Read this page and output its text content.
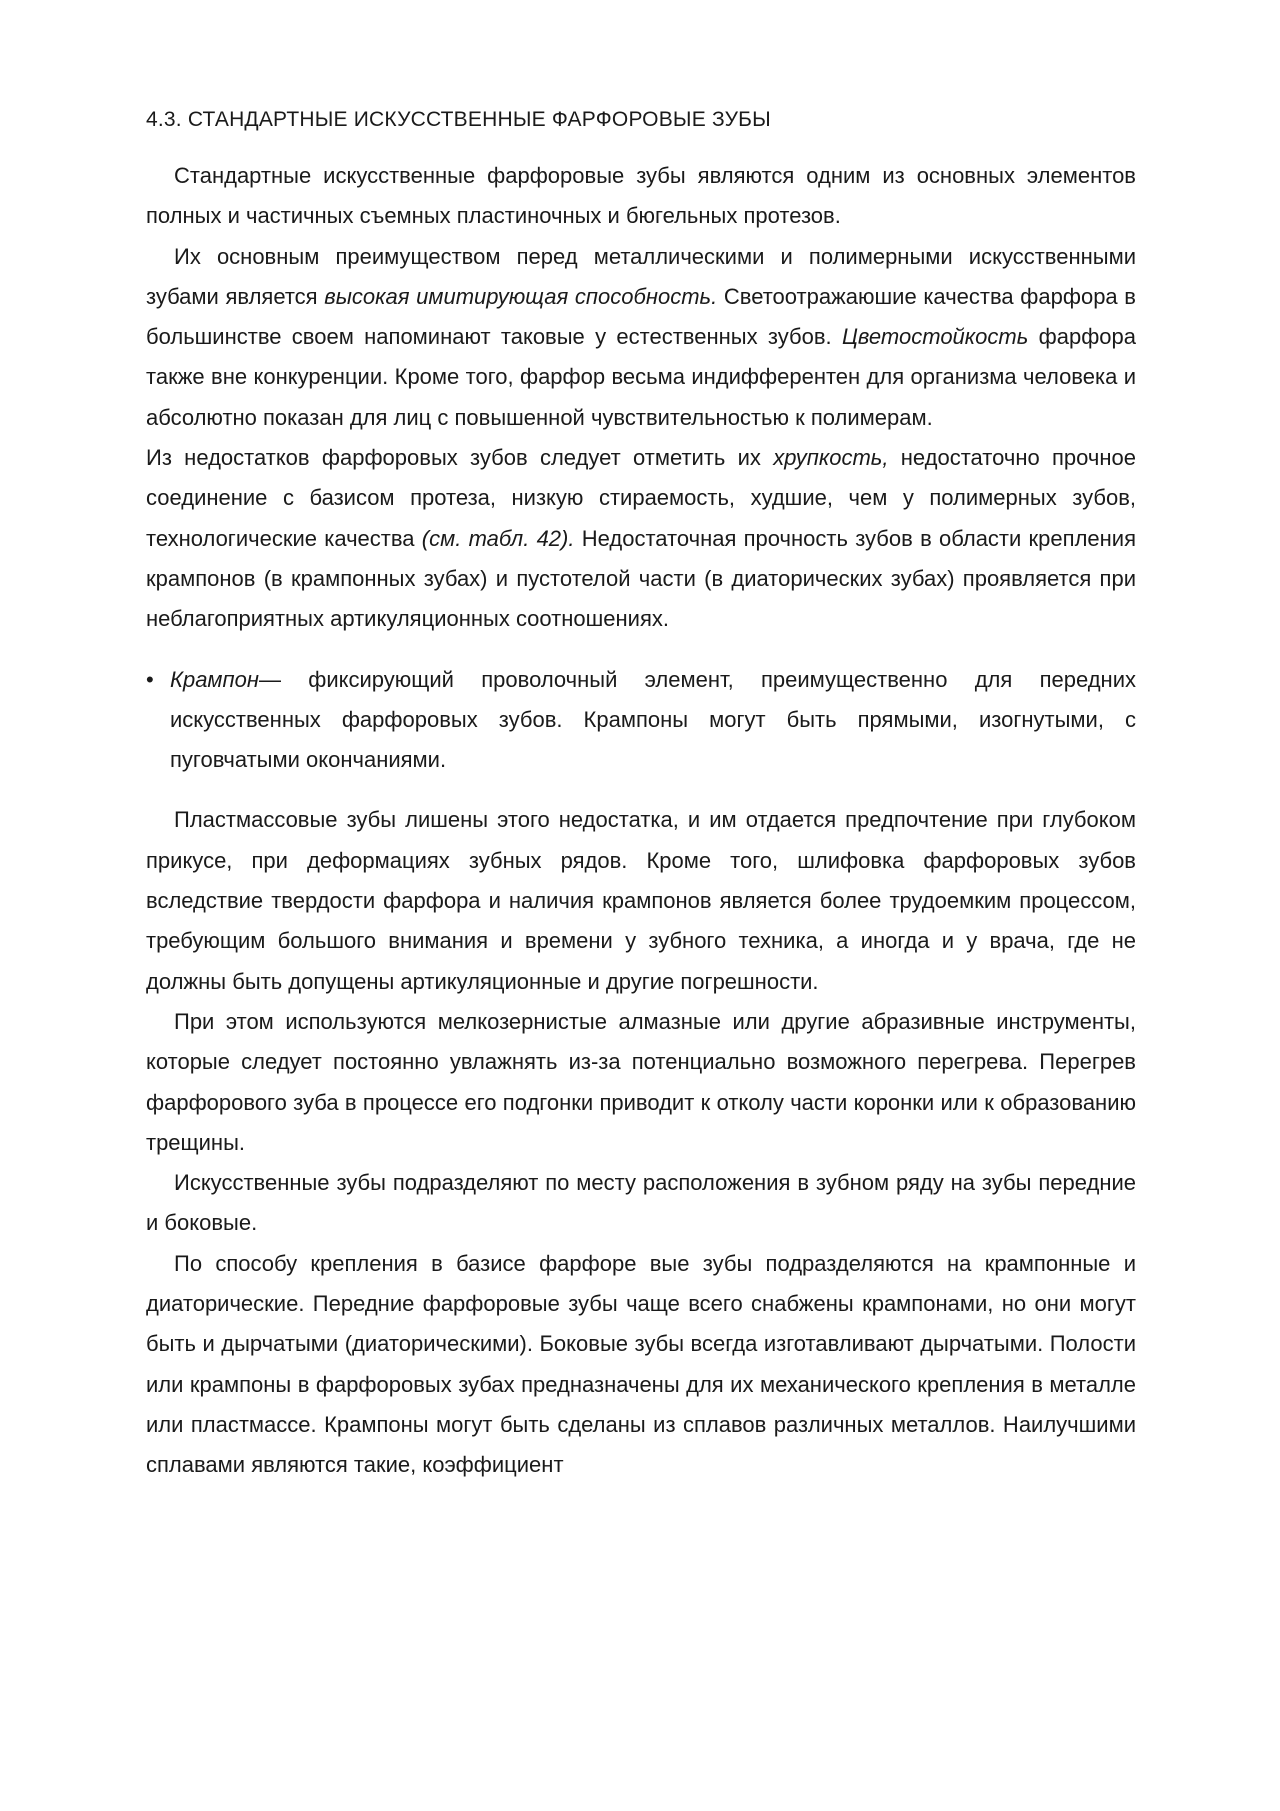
4.3. СТАНДАРТНЫЕ ИСКУССТВЕННЫЕ ФАРФОРОВЫЕ ЗУБЫ

Стандартные искусственные фарфоровые зубы являются одним из основных элементов полных и частичных съемных пластиночных и бюгельных протезов.

Их основным преимуществом перед металлическими и полимерными искусственными зубами является высокая имитирующая способность. Светоотражаюшие качества фарфора в большинстве своем напоминают таковые у естественных зубов. Цветостойкость фарфора также вне конкуренции. Кроме того, фарфор весьма индифферентен для организма человека и абсолютно показан для лиц с повышенной чувствительностью к полимерам.

Из недостатков фарфоровых зубов следует отметить их хрупкость, недостаточно прочное соединение с базисом протеза, низкую стираемость, худшие, чем у полимерных зубов, технологические качества (см. табл. 42). Недостаточная прочность зубов в области крепления крампонов (в крампонных зубах) и пустотелой части (в диаторических зубах) проявляется при неблагоприятных артикуляционных соотношениях.

• Крампон— фиксирующий проволочный элемент, преимущественно для передних искусственных фарфоровых зубов. Крампоны могут быть прямыми, изогнутыми, с пуговчатыми окончаниями.

Пластмассовые зубы лишены этого недостатка, и им отдается предпочтение при глубоком прикусе, при деформациях зубных рядов. Кроме того, шлифовка фарфоровых зубов вследствие твердости фарфора и наличия крампонов является более трудоемким процессом, требующим большого внимания и времени у зубного техника, а иногда и у врача, где не должны быть допущены артикуляционные и другие погрешности.

При этом используются мелкозернистые алмазные или другие абразивные инструменты, которые следует постоянно увлажнять из-за потенциально возможного перегрева. Перегрев фарфорового зуба в процессе его подгонки приводит к отколу части коронки или к образованию трещины.

Искусственные зубы подразделяют по месту расположения в зубном ряду на зубы передние и боковые.

По способу крепления в базисе фарфоре вые зубы подразделяются на крампонные и диаторические. Передние фарфоровые зубы чаще всего снабжены крампонами, но они могут быть и дырчатыми (диаторическими). Боковые зубы всегда изготавливают дырчатыми. Полости или крампоны в фарфоровых зубах предназначены для их механического крепления в металле или пластмассе. Крампоны могут быть сделаны из сплавов различных металлов. Наилучшими сплавами являются такие, коэффициент
